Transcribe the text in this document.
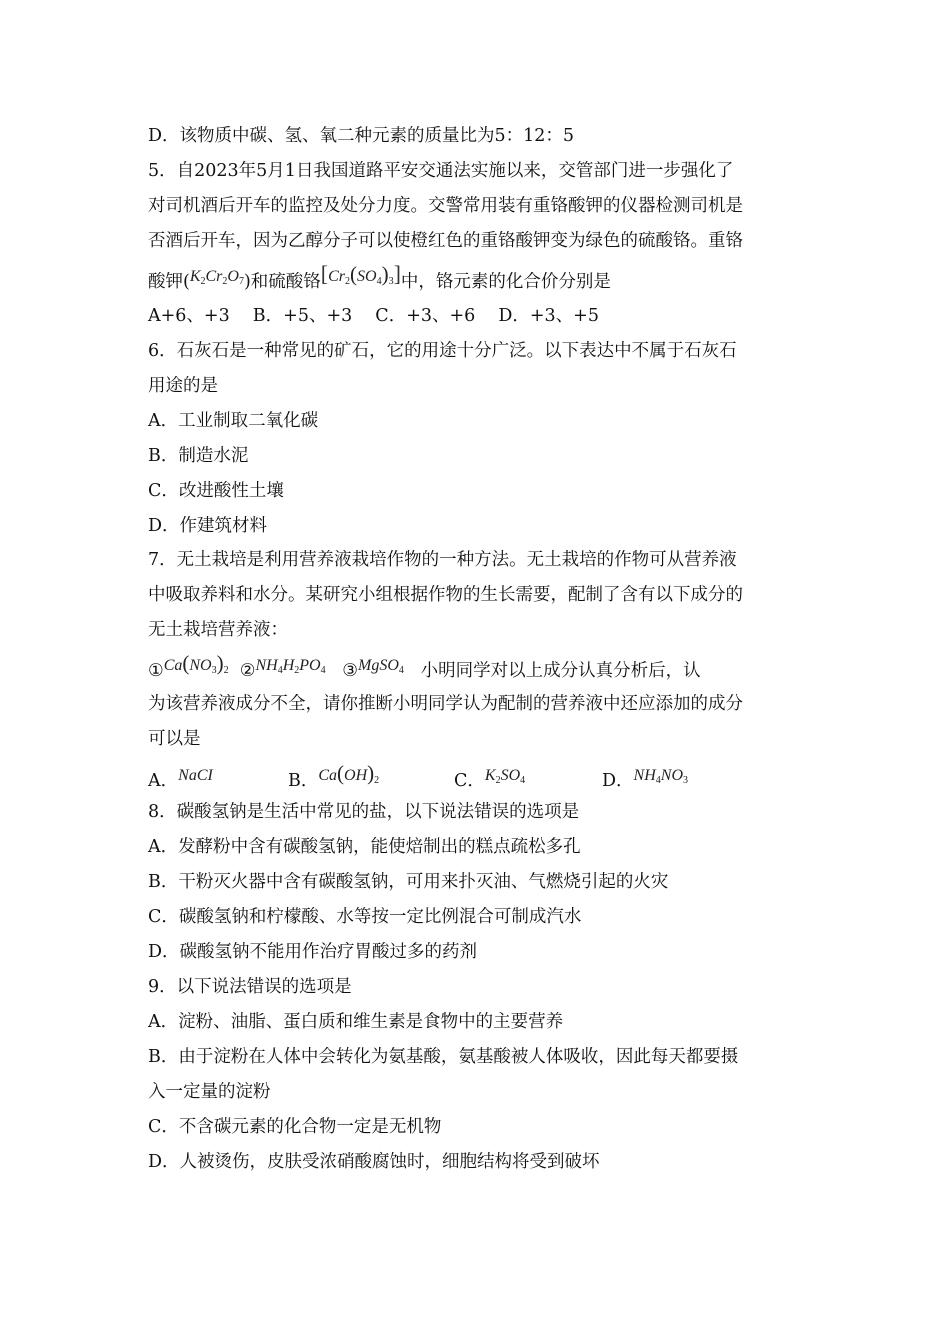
D．该物质中碳、氢、氧二种元素的质量比为5：12：5
5．自2023年5月1日我国道路平安交通法实施以来，交管部门进一步强化了
对司机酒后开车的监控及处分力度。交警常用装有重铬酸钾的仪器检测司机是
否酒后开车，因为乙醇分子可以使橙红色的重铬酸钾变为绿色的硫酸铬。重铬
酸钾$(K_2Cr_2O_7)$和硫酸铬$[Cr_2(SO_4)_3]$中，铬元素的化合价分别是
A+6、+3　 B．+5、+3　 C．+3、+6　 D．+3、+5
6．石灰石是一种常见的矿石，它的用途十分广泛。以下表达中不属于石灰石
用途的是
A．工业制取二氧化碳
B．制造水泥
C．改进酸性土壤
D．作建筑材料
7．无土栽培是利用营养液栽培作物的一种方法。无土栽培的作物可从营养液
中吸取养料和水分。某研究小组根据作物的生长需要，配制了含有以下成分的
无土栽培营养液：
$①Ca(NO_3)_2$ $②NH_4H_2PO_4$ ③MgSO$_4$ 小明同学对以上成分认真分析后，认
为该营养液成分不全，请你推断小明同学认为配制的营养液中还应添加的成分
可以是
A．NaCI	B．$Ca(OH)_2$	C．$K_2SO_4$	D．$NH_4NO_3$
8．碳酸氢钠是生活中常见的盐，以下说法错误的选项是
A．发酵粉中含有碳酸氢钠，能使焙制出的糕点疏松多孔
B．干粉灭火器中含有碳酸氢钠，可用来扑灭油、气燃烧引起的火灾
C．碳酸氢钠和柠檬酸、水等按一定比例混合可制成汽水
D．碳酸氢钠不能用作治疗胃酸过多的药剂
9．以下说法错误的选项是
A．淀粉、油脂、蛋白质和维生素是食物中的主要营养
B．由于淀粉在人体中会转化为氨基酸，氨基酸被人体吸收，因此每天都要摄
入一定量的淀粉
C．不含碳元素的化合物一定是无机物
D．人被烫伤，皮肤受浓硝酸腐蚀时，细胞结构将受到破坏
